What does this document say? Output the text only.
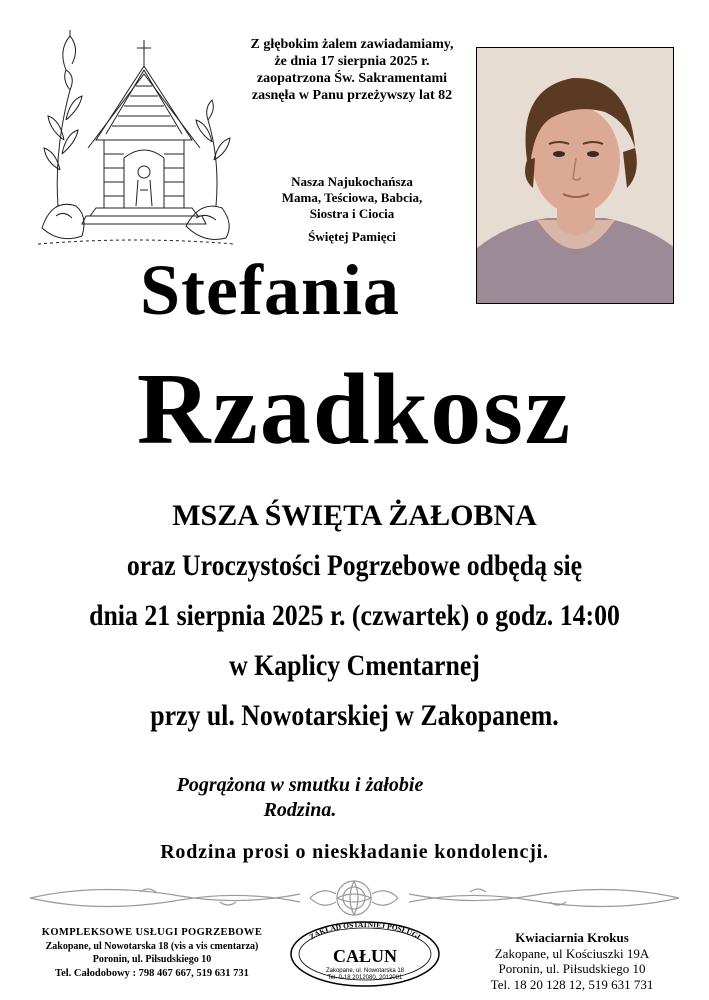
Z głębokim żalem zawiadamiamy,
że dnia 17 sierpnia 2025 r.
zaopatrzona Św. Sakramentami
zasnęła w Panu przeżywszy lat 82
Nasza Najukochańsza
Mama, Teściowa, Babcia,
Siostra i Ciocia
Świętej Pamięci
Stefania
Rzadkosz
MSZA ŚWIĘTA ŻAŁOBNA
oraz Uroczystości Pogrzebowe odbędą się
dnia 21 sierpnia 2025 r. (czwartek) o godz. 14:00
w Kaplicy Cmentarnej
przy ul. Nowotarskiej w Zakopanem.
Pogrążona w smutku i żałobie
Rodzina.
Rodzina prosi o nieskładanie kondolencji.
KOMPLEKSOWE USŁUGI POGRZEBOWE
Zakopane, ul Nowotarska 18 (vis a vis cmentarza)
Poronin, ul. Piłsudskiego 10
Tel. Całodobowy : 798 467 667, 519 631 731
ZAKŁAD OSTATNIEJ POSŁUGI
CAŁUN
Zakopane, ul. Nowotarska 18
Tel. 0-18 2012080, 2012081
Kwiaciarnia Krokus
Zakopane, ul Kościuszki 19A
Poronin, ul. Piłsudskiego 10
Tel. 18 20 128 12, 519 631 731
